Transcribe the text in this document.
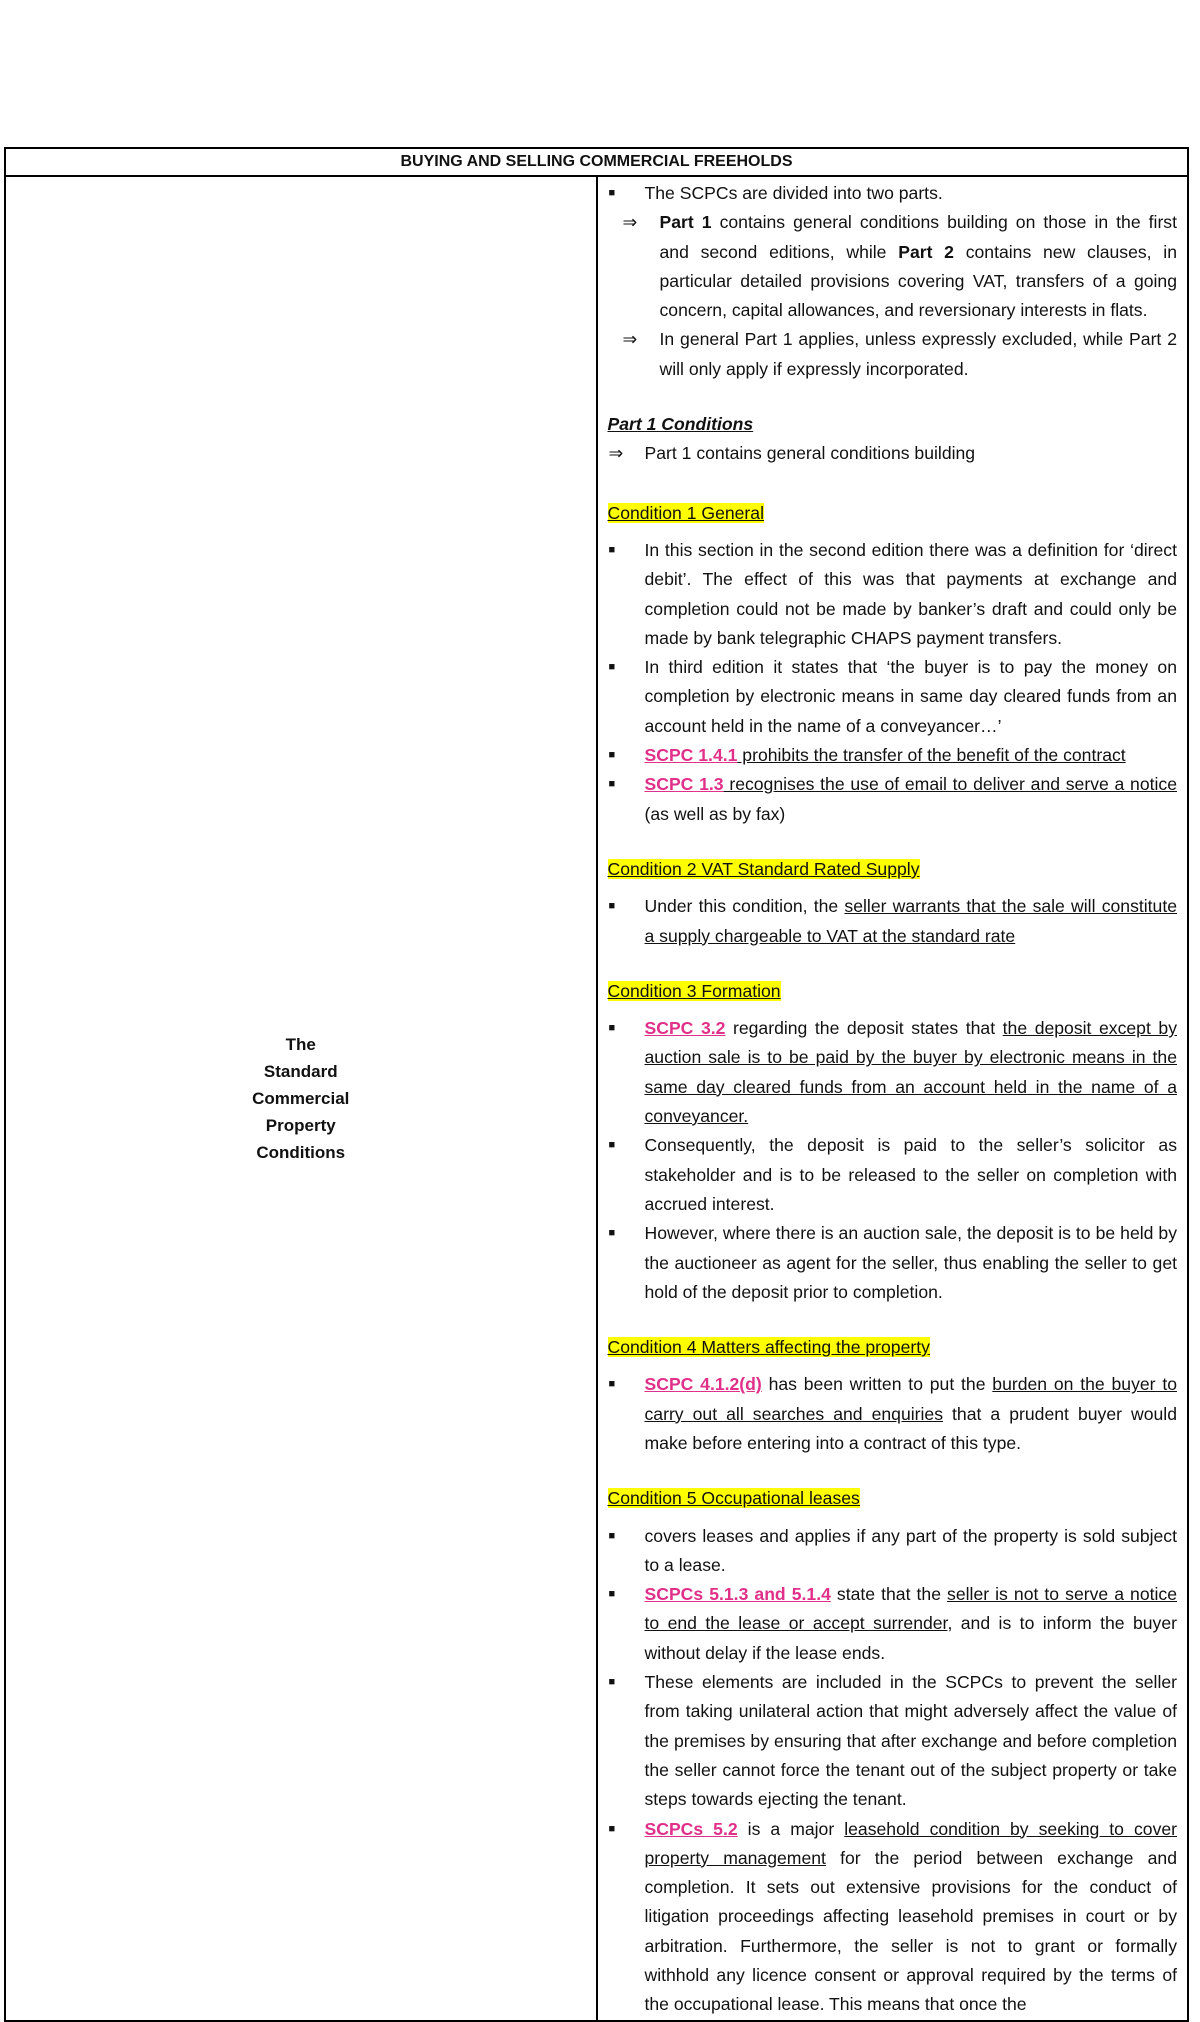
BUYING AND SELLING COMMERCIAL FREEHOLDS

The
Standard
Commercial
Property
Conditions

■ The SCPCs are divided into two parts.
⇒ Part 1 contains general conditions building on those in the first and second editions, while Part 2 contains new clauses, in particular detailed provisions covering VAT, transfers of a going concern, capital allowances, and reversionary interests in flats.
⇒ In general Part 1 applies, unless expressly excluded, while Part 2 will only apply if expressly incorporated.
Part 1 Conditions
⇒ Part 1 contains general conditions building
Condition 1 General
■ In this section in the second edition there was a definition for ‘direct debit’. The effect of this was that payments at exchange and completion could not be made by banker’s draft and could only be made by bank telegraphic CHAPS payment transfers.
■ In third edition it states that ‘the buyer is to pay the money on completion by electronic means in same day cleared funds from an account held in the name of a conveyancer…’
■ SCPC 1.4.1 prohibits the transfer of the benefit of the contract
■ SCPC 1.3 recognises the use of email to deliver and serve a notice (as well as by fax)
Condition 2 VAT Standard Rated Supply
■ Under this condition, the seller warrants that the sale will constitute a supply chargeable to VAT at the standard rate
Condition 3 Formation
■ SCPC 3.2 regarding the deposit states that the deposit except by auction sale is to be paid by the buyer by electronic means in the same day cleared funds from an account held in the name of a conveyancer.
■ Consequently, the deposit is paid to the seller’s solicitor as stakeholder and is to be released to the seller on completion with accrued interest.
■ However, where there is an auction sale, the deposit is to be held by the auctioneer as agent for the seller, thus enabling the seller to get hold of the deposit prior to completion.
Condition 4 Matters affecting the property
■ SCPC 4.1.2(d) has been written to put the burden on the buyer to carry out all searches and enquiries that a prudent buyer would make before entering into a contract of this type.
Condition 5 Occupational leases
■ covers leases and applies if any part of the property is sold subject to a lease.
■ SCPCs 5.1.3 and 5.1.4 state that the seller is not to serve a notice to end the lease or accept surrender, and is to inform the buyer without delay if the lease ends.
■ These elements are included in the SCPCs to prevent the seller from taking unilateral action that might adversely affect the value of the premises by ensuring that after exchange and before completion the seller cannot force the tenant out of the subject property or take steps towards ejecting the tenant.
■ SCPCs 5.2 is a major leasehold condition by seeking to cover property management for the period between exchange and completion. It sets out extensive provisions for the conduct of litigation proceedings affecting leasehold premises in court or by arbitration. Furthermore, the seller is not to grant or formally withhold any licence consent or approval required by the terms of the occupational lease. This means that once the
